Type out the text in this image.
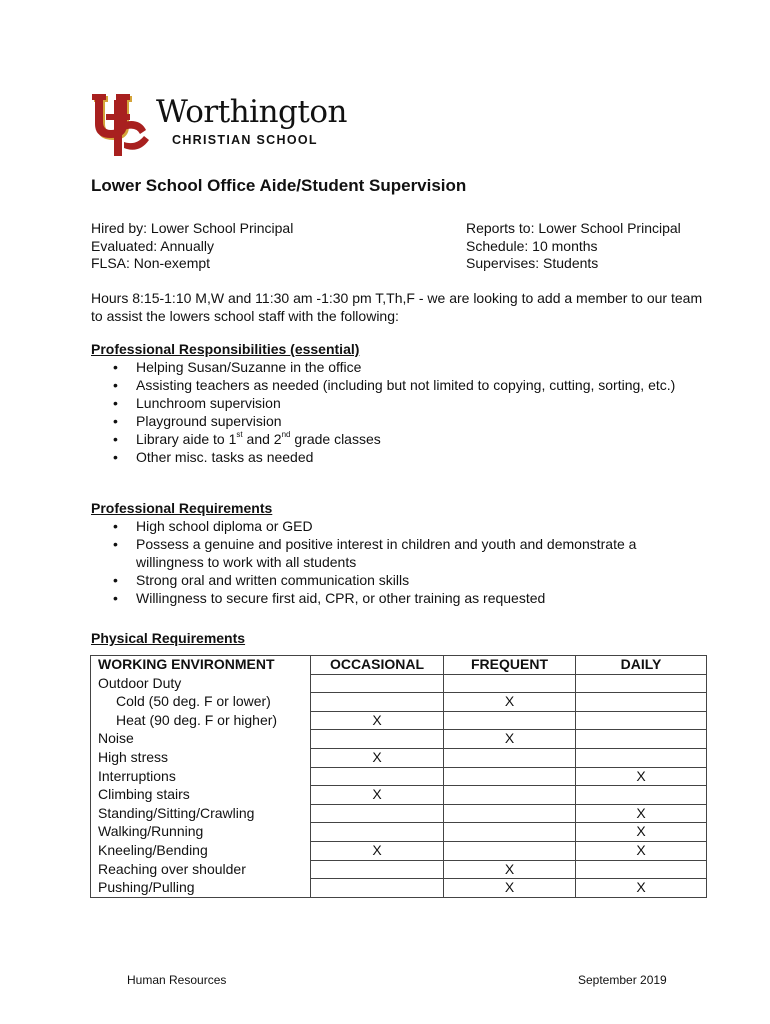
Worthington
CHRISTIAN SCHOOL
Lower School Office Aide/Student Supervision
Hired by: Lower School Principal
Evaluated: Annually
FLSA: Non-exempt
Reports to: Lower School Principal
Schedule: 10 months
Supervises: Students
Hours 8:15-1:10 M,W and 11:30 am -1:30 pm T,Th,F - we are looking to add a member to our team to assist the lowers school staff with the following:
Professional Responsibilities (essential)
• Helping Susan/Suzanne in the office
• Assisting teachers as needed (including but not limited to copying, cutting, sorting, etc.)
• Lunchroom supervision
• Playground supervision
• Library aide to 1st and 2nd grade classes
• Other misc. tasks as needed
Professional Requirements
• High school diploma or GED
• Possess a genuine and positive interest in children and youth and demonstrate a willingness to work with all students
• Strong oral and written communication skills
• Willingness to secure first aid, CPR, or other training as requested
Physical Requirements
WORKING ENVIRONMENT	OCCASIONAL	FREQUENT	DAILY
Outdoor Duty			
Cold (50 deg. F or lower)		X	
Heat (90 deg. F or higher)	X		
Noise		X	
High stress	X		
Interruptions			X
Climbing stairs	X		
Standing/Sitting/Crawling			X
Walking/Running			X
Kneeling/Bending	X		X
Reaching over shoulder		X	
Pushing/Pulling		X	X
Human Resources	September 2019
